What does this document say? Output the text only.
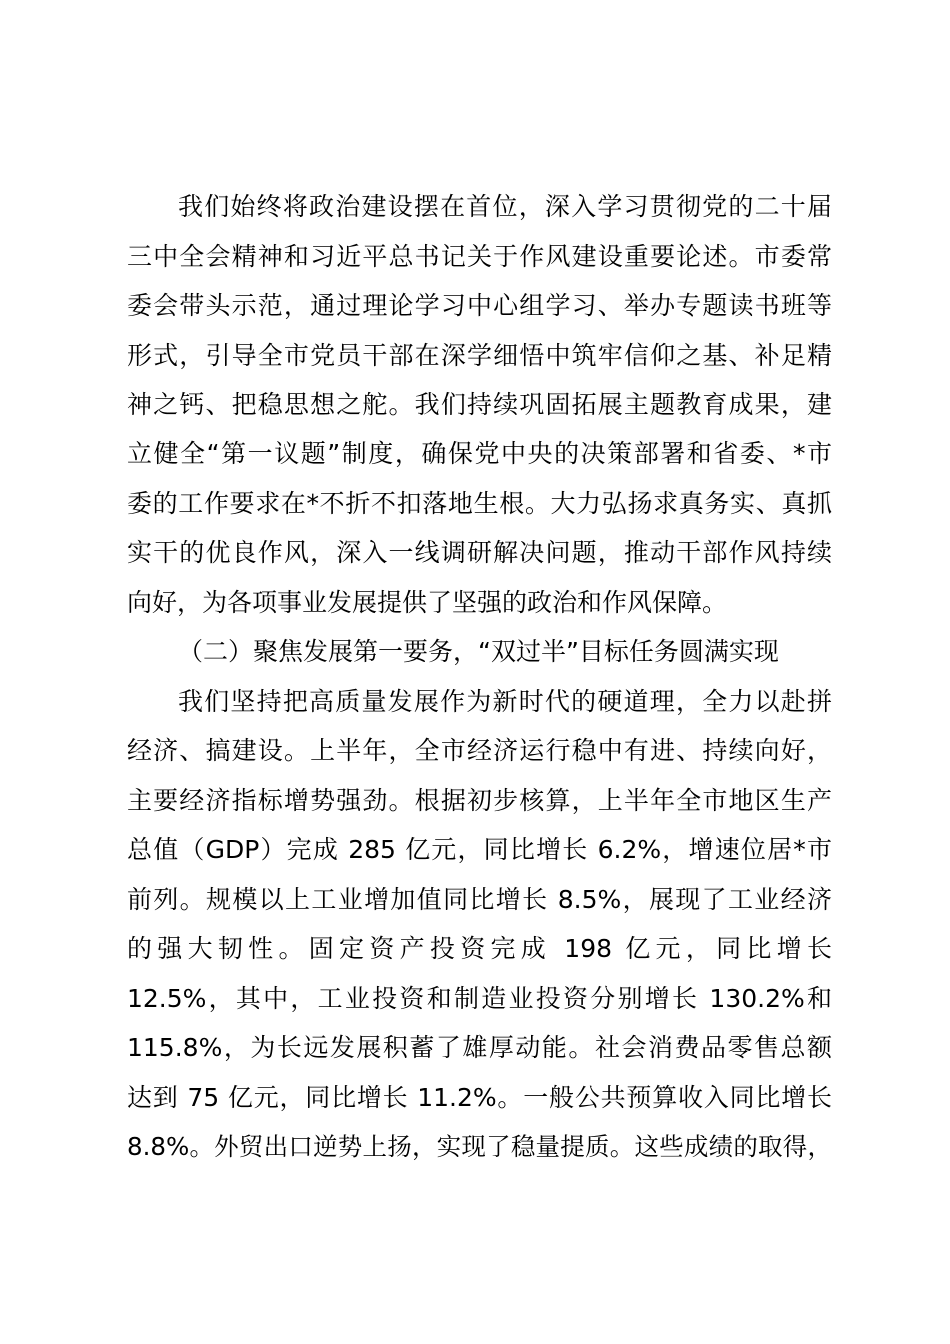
我们始终将政治建设摆在首位，深入学习贯彻党的二十届
三中全会精神和习近平总书记关于作风建设重要论述。市委常
委会带头示范，通过理论学习中心组学习、举办专题读书班等
形式，引导全市党员干部在深学细悟中筑牢信仰之基、补足精
神之钙、把稳思想之舵。我们持续巩固拓展主题教育成果，建
立健全“第一议题”制度，确保党中央的决策部署和省委、*市
委的工作要求在*不折不扣落地生根。大力弘扬求真务实、真抓
实干的优良作风，深入一线调研解决问题，推动干部作风持续
向好，为各项事业发展提供了坚强的政治和作风保障。
（二）聚焦发展第一要务，“双过半”目标任务圆满实现
我们坚持把高质量发展作为新时代的硬道理，全力以赴拼
经济、搞建设。上半年，全市经济运行稳中有进、持续向好，
主要经济指标增势强劲。根据初步核算，上半年全市地区生产
总值（GDP）完成 285 亿元，同比增长 6.2%，增速位居*市
前列。规模以上工业增加值同比增长 8.5%，展现了工业经济
的强大韧性。固定资产投资完成 198 亿元，同比增长
12.5%，其中，工业投资和制造业投资分别增长 130.2%和
115.8%，为长远发展积蓄了雄厚动能。社会消费品零售总额
达到 75 亿元，同比增长 11.2%。一般公共预算收入同比增长
8.8%。外贸出口逆势上扬，实现了稳量提质。这些成绩的取得，
